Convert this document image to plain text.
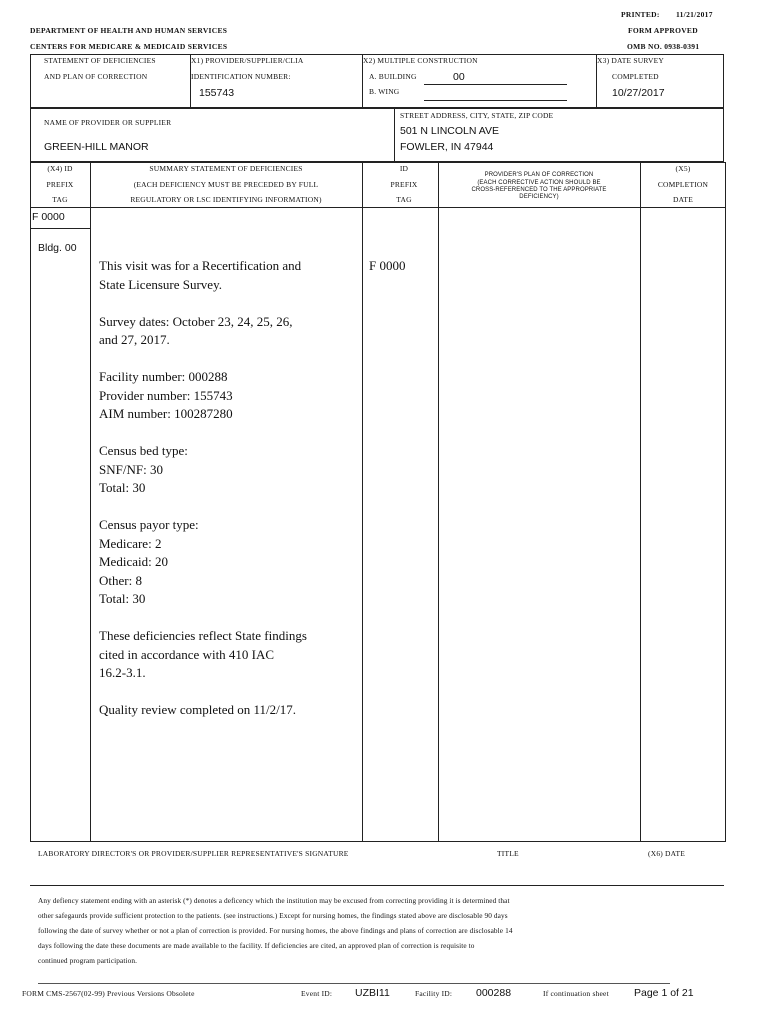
PRINTED: 11/21/2017
FORM APPROVED
OMB NO. 0938-0391
DEPARTMENT OF HEALTH AND HUMAN SERVICES
CENTERS FOR MEDICARE & MEDICAID SERVICES
STATEMENT OF DEFICIENCIES
AND PLAN OF CORRECTION
X1) PROVIDER/SUPPLIER/CLIA
IDENTIFICATION NUMBER:
155743
X2) MULTIPLE CONSTRUCTION
A. BUILDING	00
B. WING
X3) DATE SURVEY
COMPLETED
10/27/2017
NAME OF PROVIDER OR SUPPLIER
GREEN-HILL MANOR
STREET ADDRESS, CITY, STATE, ZIP CODE
501 N LINCOLN AVE
FOWLER, IN 47944
(X4) ID
PREFIX
TAG
SUMMARY STATEMENT OF DEFICIENCIES
(EACH DEFICIENCY MUST BE PRECEDED BY FULL
REGULATORY OR LSC IDENTIFYING INFORMATION)
ID
PREFIX
TAG
PROVIDER'S PLAN OF CORRECTION
(EACH CORRECTIVE ACTION SHOULD BE
CROSS-REFERENCED TO THE APPROPRIATE
DEFICIENCY)
(X5)
COMPLETION
DATE
F 0000
Bldg. 00
This visit was for a Recertification and
State Licensure Survey.
Survey dates: October 23, 24, 25, 26,
and 27, 2017.
Facility number: 000288
Provider number: 155743
AIM number: 100287280
Census bed type:
SNF/NF: 30
Total: 30
Census payor type:
Medicare: 2
Medicaid: 20
Other: 8
Total: 30
These deficiencies reflect State findings
cited in accordance with 410 IAC
16.2-3.1.
Quality review completed on 11/2/17.
F 0000
LABORATORY DIRECTOR'S OR PROVIDER/SUPPLIER REPRESENTATIVE'S SIGNATURE	TITLE	(X6) DATE
Any defiency statement ending with an asterisk (*) denotes a deficency which the institution may be excused from correcting providing it is determined that
other safegaurds provide sufficient protection to the patients. (see instructions.) Except for nursing homes, the findings stated above are disclosable 90 days
following the date of survey whether or not a plan of correction is provided. For nursing homes, the above findings and plans of correction are disclosable 14
days following the date these documents are made available to the facility. If deficiencies are cited, an approved plan of correction is requisite to
continued program participation.
FORM CMS-2567(02-99) Previous Versions Obsolete	Event ID: UZBI11	Facility ID: 000288	If continuation sheet Page 1 of 21
